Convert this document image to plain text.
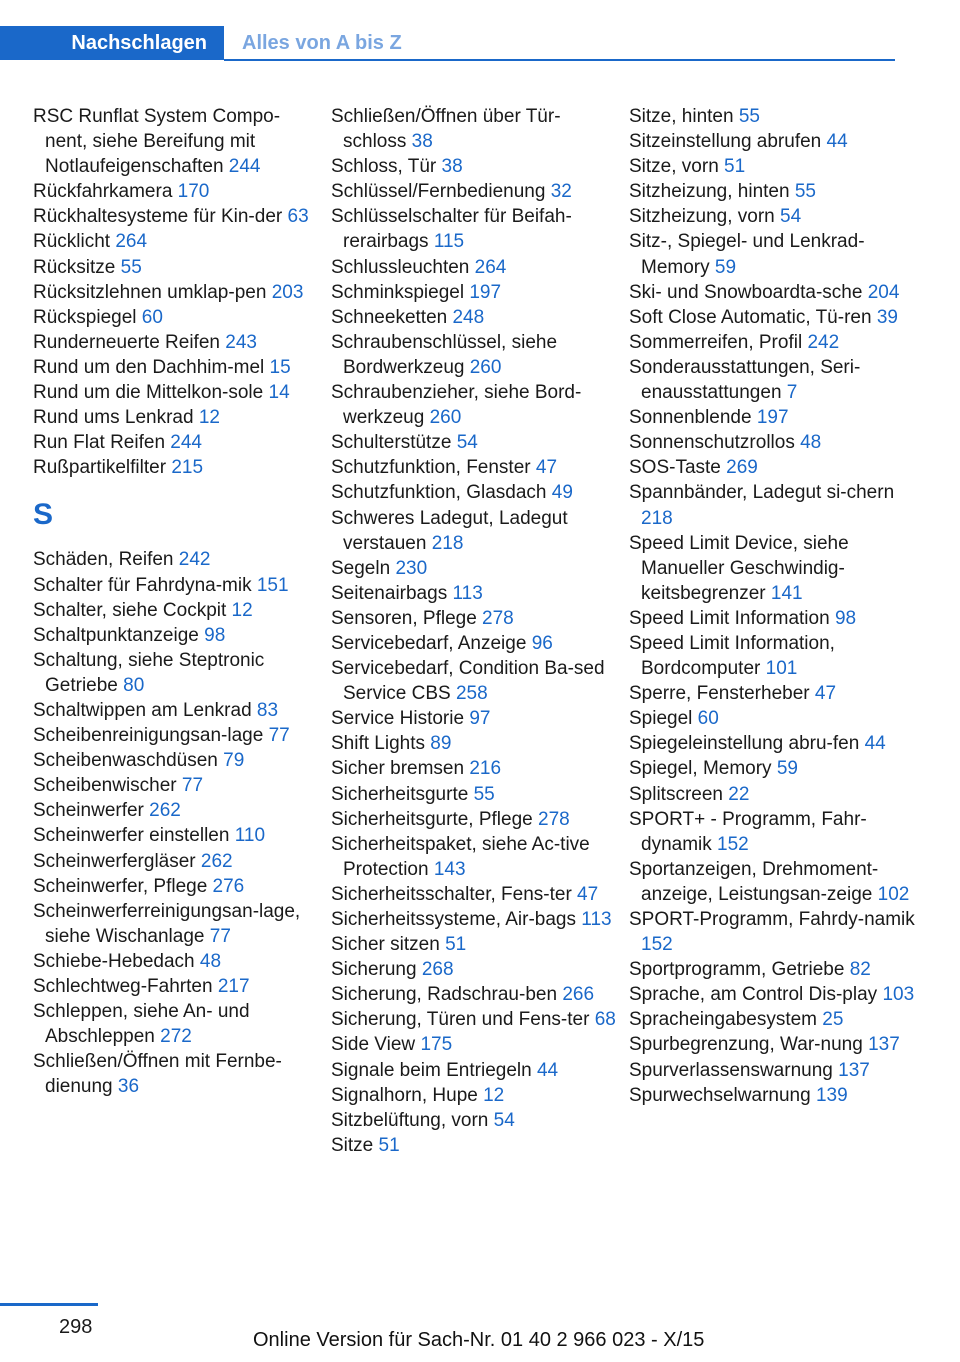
Nachschlagen	Alles von A bis Z

RSC Runflat System Compo‐nent, siehe Bereifung mit Notlaufeigenschaften 244

Rückfahrkamera 170

Rückhaltesysteme für Kin‐der 63

Rücklicht 264

Rücksitze 55

Rücksitzlehnen umklap‐pen 203

Rückspiegel 60

Runderneuerte Reifen 243

Rund um den Dachhim‐mel 15

Rund um die Mittelkon‐sole 14

Rund ums Lenkrad 12

Run Flat Reifen 244

Rußpartikelfilter 215

S

Schäden, Reifen 242

Schalter für Fahrdyna‐mik 151

Schalter, siehe Cockpit 12

Schaltpunktanzeige 98

Schaltung, siehe Steptronic Getriebe 80

Schaltwippen am Lenkrad 83

Scheibenreinigungsan‐lage 77

Scheibenwaschdüsen 79

Scheibenwischer 77

Scheinwerfer 262

Scheinwerfer einstellen 110

Scheinwerfergläser 262

Scheinwerfer, Pflege 276

Scheinwerferreinigungsan‐lage, siehe Wischanlage 77

Schiebe-Hebedach 48

Schlechtweg-Fahrten 217

Schleppen, siehe An- und Abschleppen 272

Schließen/Öffnen mit Fernbe‐dienung 36

Schließen/Öffnen über Tür‐schloss 38

Schloss, Tür 38

Schlüssel/Fernbedienung 32

Schlüsselschalter für Beifah‐rerairbags 115

Schlussleuchten 264

Schminkspiegel 197

Schneeketten 248

Schraubenschlüssel, siehe Bordwerkzeug 260

Schraubenzieher, siehe Bord‐werkzeug 260

Schulterstütze 54

Schutzfunktion, Fenster 47

Schutzfunktion, Glasdach 49

Schweres Ladegut, Ladegut verstauen 218

Segeln 230

Seitenairbags 113

Sensoren, Pflege 278

Servicebedarf, Anzeige 96

Servicebedarf, Condition Ba‐sed Service CBS 258

Service Historie 97

Shift Lights 89

Sicher bremsen 216

Sicherheitsgurte 55

Sicherheitsgurte, Pflege 278

Sicherheitspaket, siehe Ac‐tive Protection 143

Sicherheitsschalter, Fens‐ter 47

Sicherheitssysteme, Air‐bags 113

Sicher sitzen 51

Sicherung 268

Sicherung, Radschrau‐ben 266

Sicherung, Türen und Fens‐ter 68

Side View 175

Signale beim Entriegeln 44

Signalhorn, Hupe 12

Sitzbelüftung, vorn 54

Sitze 51

Sitze, hinten 55

Sitzeinstellung abrufen 44

Sitze, vorn 51

Sitzheizung, hinten 55

Sitzheizung, vorn 54

Sitz-, Spiegel- und Lenkrad-Memory 59

Ski- und Snowboardta‐sche 204

Soft Close Automatic, Tü‐ren 39

Sommerreifen, Profil 242

Sonderausstattungen, Seri‐enausstattungen 7

Sonnenblende 197

Sonnenschutzrollos 48

SOS-Taste 269

Spannbänder, Ladegut si‐chern 218

Speed Limit Device, siehe Manueller Geschwindig‐keitsbegrenzer 141

Speed Limit Information 98

Speed Limit Information, Bordcomputer 101

Sperre, Fensterheber 47

Spiegel 60

Spiegeleinstellung abru‐fen 44

Spiegel, Memory 59

Splitscreen 22

SPORT+ - Programm, Fahr‐dynamik 152

Sportanzeigen, Drehmoment‐anzeige, Leistungsan‐zeige 102

SPORT-Programm, Fahrdy‐namik 152

Sportprogramm, Getriebe 82

Sprache, am Control Dis‐play 103

Spracheingabesystem 25

Spurbegrenzung, War‐nung 137

Spurverlassenswarnung 137

Spurwechselwarnung 139

298
Online Version für Sach-Nr. 01 40 2 966 023 - X/15
